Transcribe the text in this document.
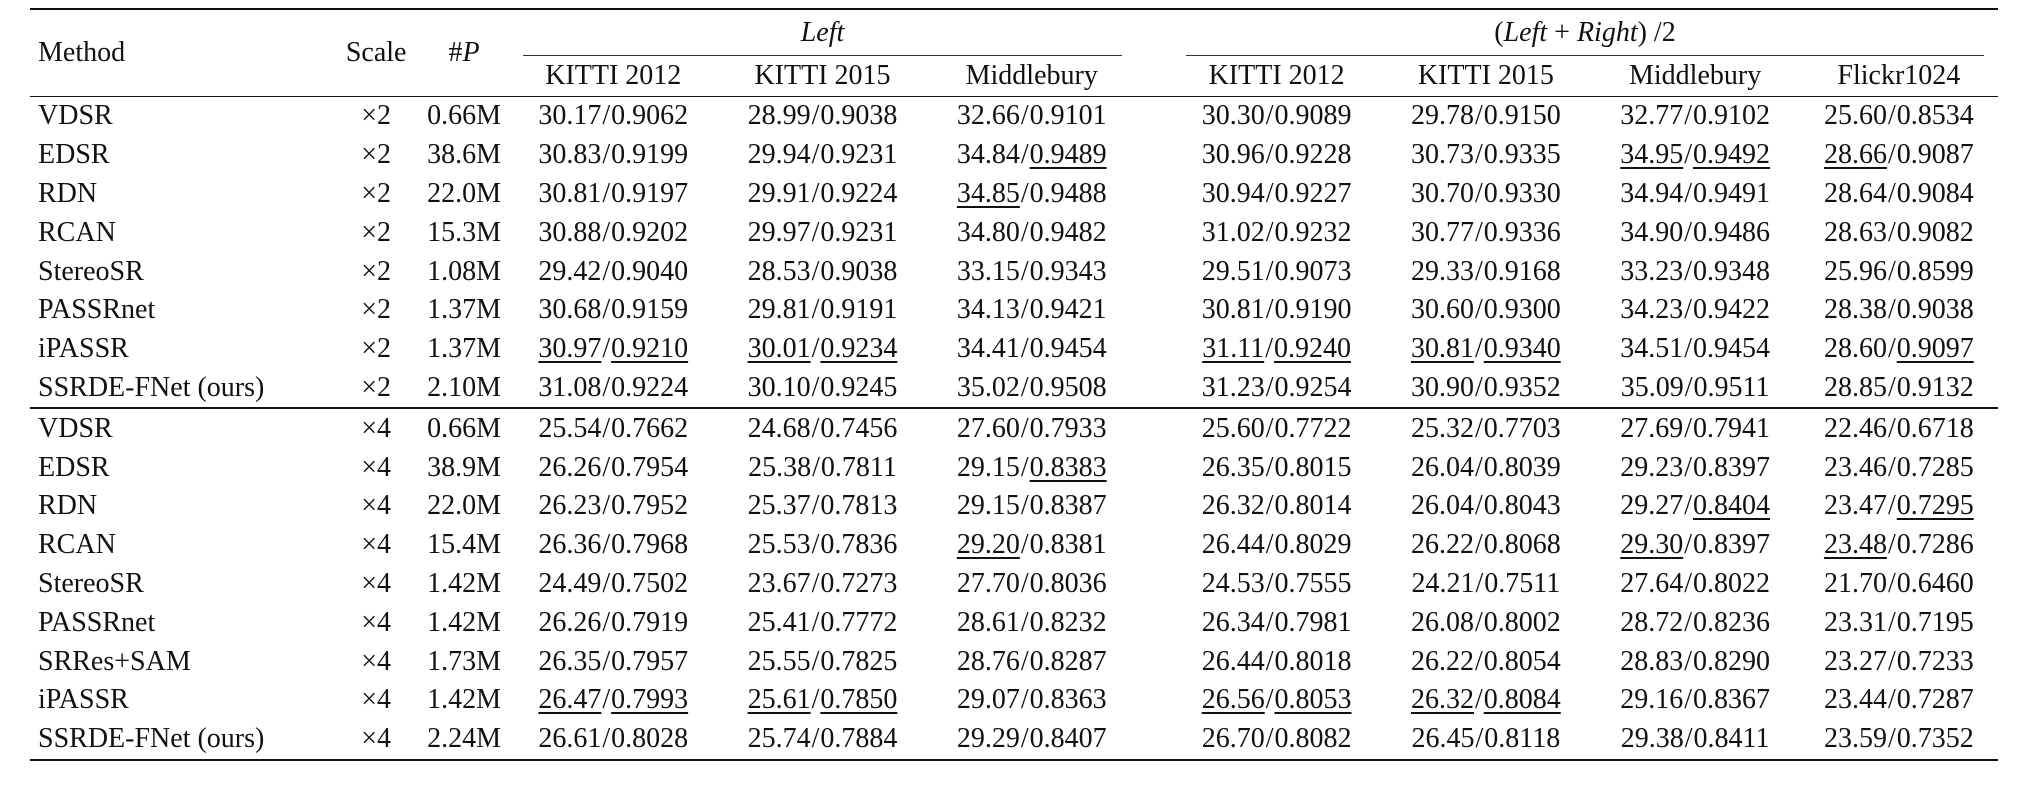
Method	Scale	#P	Left				(Left + Right) /2			
			KITTI 2012	KITTI 2015	Middlebury		KITTI 2012	KITTI 2015	Middlebury	Flickr1024
VDSR	×2	0.66M	30.17/0.9062	28.99/0.9038	32.66/0.9101		30.30/0.9089	29.78/0.9150	32.77/0.9102	25.60/0.8534
EDSR	×2	38.6M	30.83/0.9199	29.94/0.9231	34.84/0.9489		30.96/0.9228	30.73/0.9335	34.95/0.9492	28.66/0.9087
RDN	×2	22.0M	30.81/0.9197	29.91/0.9224	34.85/0.9488		30.94/0.9227	30.70/0.9330	34.94/0.9491	28.64/0.9084
RCAN	×2	15.3M	30.88/0.9202	29.97/0.9231	34.80/0.9482		31.02/0.9232	30.77/0.9336	34.90/0.9486	28.63/0.9082
StereoSR	×2	1.08M	29.42/0.9040	28.53/0.9038	33.15/0.9343		29.51/0.9073	29.33/0.9168	33.23/0.9348	25.96/0.8599
PASSRnet	×2	1.37M	30.68/0.9159	29.81/0.9191	34.13/0.9421		30.81/0.9190	30.60/0.9300	34.23/0.9422	28.38/0.9038
iPASSR	×2	1.37M	30.97/0.9210	30.01/0.9234	34.41/0.9454		31.11/0.9240	30.81/0.9340	34.51/0.9454	28.60/0.9097
SSRDE-FNet (ours)	×2	2.10M	31.08/0.9224	30.10/0.9245	35.02/0.9508		31.23/0.9254	30.90/0.9352	35.09/0.9511	28.85/0.9132
VDSR	×4	0.66M	25.54/0.7662	24.68/0.7456	27.60/0.7933		25.60/0.7722	25.32/0.7703	27.69/0.7941	22.46/0.6718
EDSR	×4	38.9M	26.26/0.7954	25.38/0.7811	29.15/0.8383		26.35/0.8015	26.04/0.8039	29.23/0.8397	23.46/0.7285
RDN	×4	22.0M	26.23/0.7952	25.37/0.7813	29.15/0.8387		26.32/0.8014	26.04/0.8043	29.27/0.8404	23.47/0.7295
RCAN	×4	15.4M	26.36/0.7968	25.53/0.7836	29.20/0.8381		26.44/0.8029	26.22/0.8068	29.30/0.8397	23.48/0.7286
StereoSR	×4	1.42M	24.49/0.7502	23.67/0.7273	27.70/0.8036		24.53/0.7555	24.21/0.7511	27.64/0.8022	21.70/0.6460
PASSRnet	×4	1.42M	26.26/0.7919	25.41/0.7772	28.61/0.8232		26.34/0.7981	26.08/0.8002	28.72/0.8236	23.31/0.7195
SRRes+SAM	×4	1.73M	26.35/0.7957	25.55/0.7825	28.76/0.8287		26.44/0.8018	26.22/0.8054	28.83/0.8290	23.27/0.7233
iPASSR	×4	1.42M	26.47/0.7993	25.61/0.7850	29.07/0.8363		26.56/0.8053	26.32/0.8084	29.16/0.8367	23.44/0.7287
SSRDE-FNet (ours)	×4	2.24M	26.61/0.8028	25.74/0.7884	29.29/0.8407		26.70/0.8082	26.45/0.8118	29.38/0.8411	23.59/0.7352
